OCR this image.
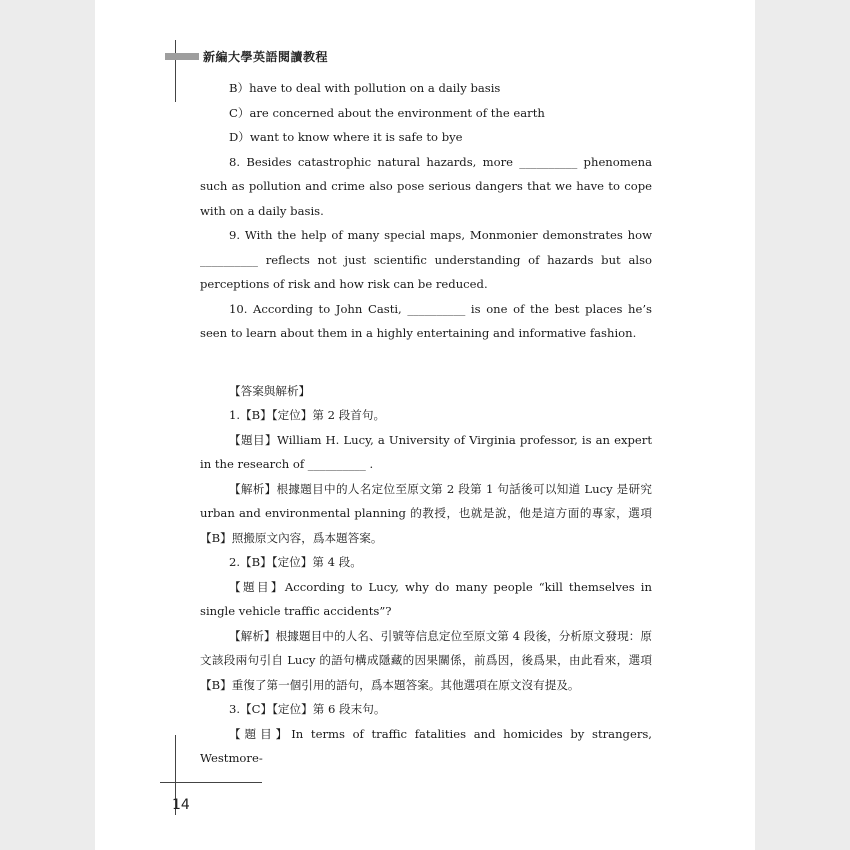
新編大學英語閱讀教程

B）have to deal with pollution on a daily basis

C）are concerned about the environment of the earth

D）want to know where it is safe to bye

8. Besides catastrophic natural hazards, more __________ phenomena such as pollution and crime also pose serious dangers that we have to cope with on a daily basis.

9. With the help of many special maps, Monmonier demonstrates how __________ reflects not just scientific understanding of hazards but also perceptions of risk and how risk can be reduced.

10. According to John Casti, __________ is one of the best places he’s seen to learn about them in a highly entertaining and informative fashion.

【答案與解析】

1.【B】【定位】第 2 段首句。

【題目】William H. Lucy, a University of Virginia professor, is an expert in the research of __________ .

【解析】根據題目中的人名定位至原文第 2 段第 1 句話後可以知道 Lucy 是研究 urban and environmental planning 的教授，也就是說，他是這方面的專家，選項【B】照搬原文內容，爲本題答案。

2.【B】【定位】第 4 段。

【題目】According to Lucy, why do many people “kill themselves in single vehicle traffic accidents”?

【解析】根據題目中的人名、引號等信息定位至原文第 4 段後，分析原文發現：原文該段兩句引自 Lucy 的語句構成隱藏的因果關係，前爲因，後爲果，由此看來，選項【B】重復了第一個引用的語句，爲本題答案。其他選項在原文沒有提及。

3.【C】【定位】第 6 段末句。

【題目】In terms of traffic fatalities and homicides by strangers, Westmore-

14
